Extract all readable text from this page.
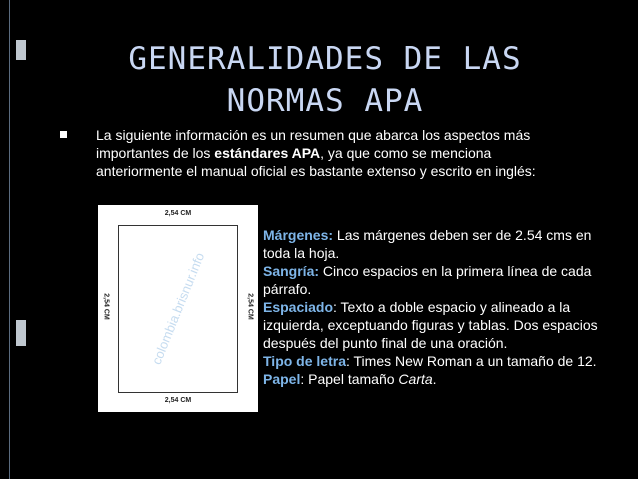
GENERALIDADES DE LAS NORMAS APA
La siguiente información es un resumen que abarca los aspectos más importantes de los estándares APA, ya que como se menciona anteriormente el manual oficial es bastante extenso y escrito en inglés:
2,54 CM
2,54 CM	2,54 CM
colombia.brisnur.info
2,54 CM
Márgenes: Las márgenes deben ser de 2.54 cms en toda la hoja.
Sangría: Cinco espacios en la primera línea de cada párrafo.
Espaciado: Texto a doble espacio y alineado a la izquierda, exceptuando figuras y tablas. Dos espacios después del punto final de una oración.
Tipo de letra: Times New Roman a un tamaño de 12.
Papel: Papel tamaño Carta.
